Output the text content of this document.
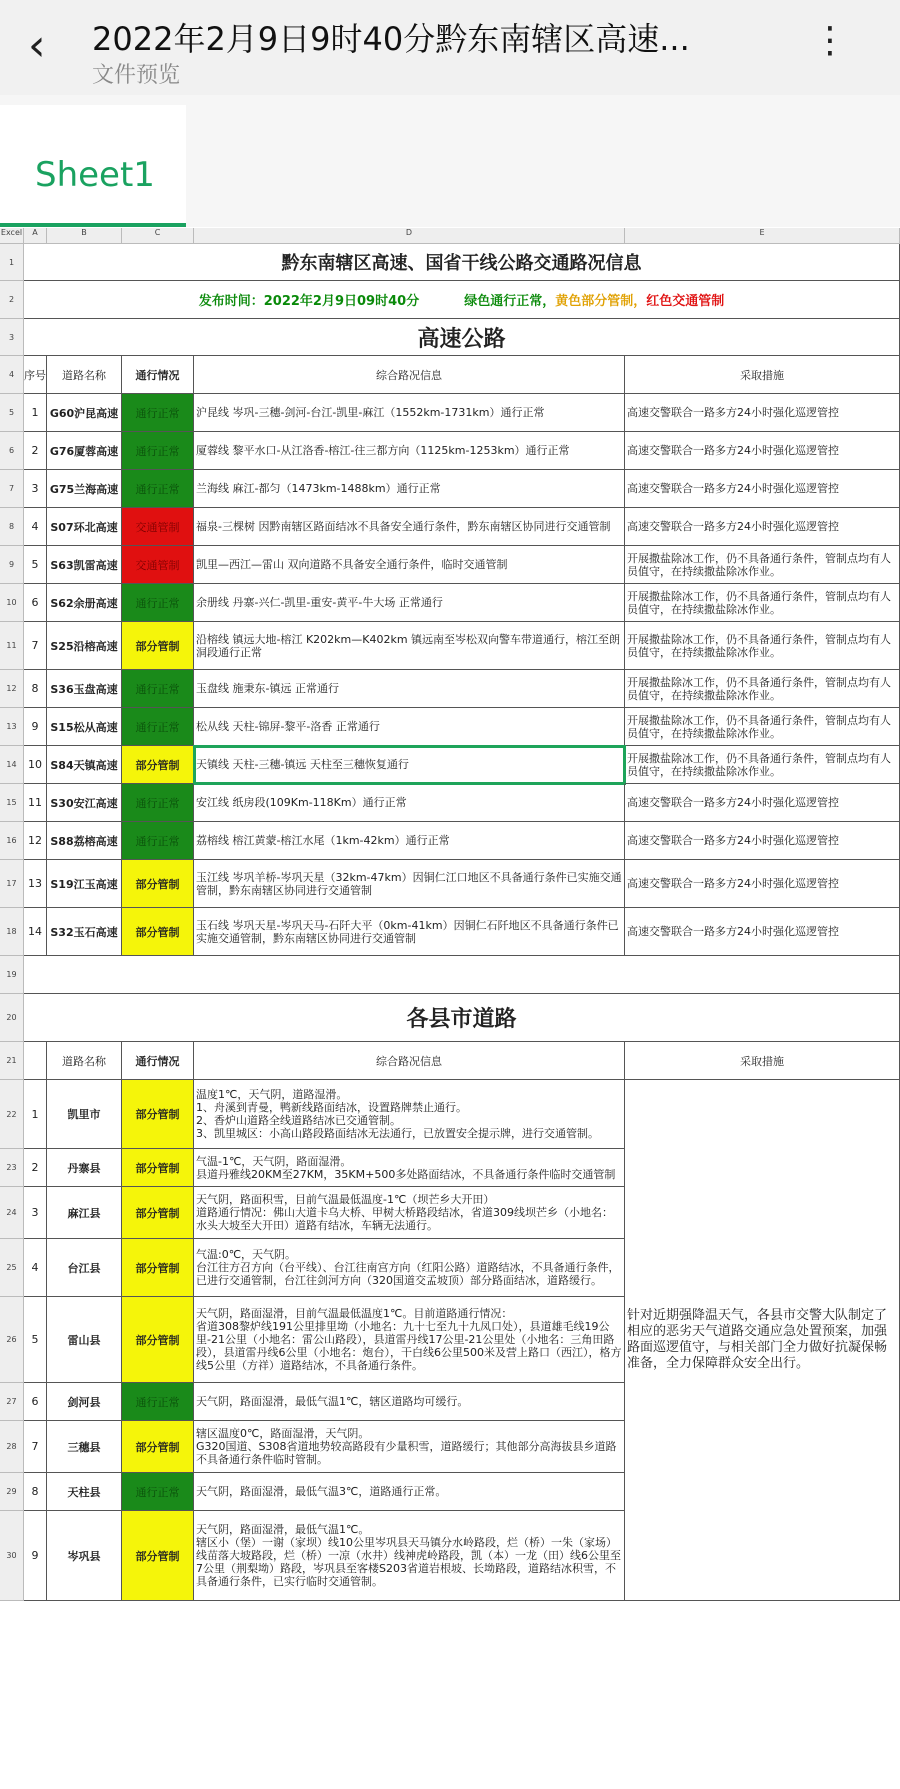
‹ 2022年2月9日9时40分黔东南辖区高速...
文件预览
⋮
Sheet1
Excel	A	B	C	D	E
1
2
3
4
5
6
7
8
9
10
11
12
13
14
15
16
17
18
19
20
21
22
23
24
25
26
27
28
29
30
黔东南辖区高速、国省干线公路交通路况信息
发布时间：2022年2月9日09时40分	绿色通行正常， 黄色部分管制， 红色交通管制
高速公路
序号	道路名称	通行情况	综合路况信息	采取措施
1	G60沪昆高速	通行正常	沪昆线 岑巩-三穗-剑河-台江-凯里-麻江（1552km-1731km）通行正常	高速交警联合一路多方24小时强化巡逻管控
2	G76厦蓉高速	通行正常	厦蓉线 黎平水口-从江洛香-榕江-往三都方向（1125km-1253km）通行正常	高速交警联合一路多方24小时强化巡逻管控
3	G75兰海高速	通行正常	兰海线 麻江-都匀（1473km-1488km）通行正常	高速交警联合一路多方24小时强化巡逻管控
4	S07环北高速	交通管制	福泉-三棵树 因黔南辖区路面结冰不具备安全通行条件，黔东南辖区协同进行交通管制	高速交警联合一路多方24小时强化巡逻管控
5	S63凯雷高速	交通管制	凯里—西江—雷山 双向道路不具备安全通行条件，临时交通管制	开展撒盐除冰工作，仍不具备通行条件，管制点均有人员值守，在持续撒盐除冰作业。
6	S62余册高速	通行正常	余册线 丹寨-兴仁-凯里-重安-黄平-牛大场 正常通行	开展撒盐除冰工作，仍不具备通行条件，管制点均有人员值守，在持续撒盐除冰作业。
7	S25沿榕高速	部分管制
沿榕线 镇远大地-榕江 K202km—K402km 镇远南至岑松双向警车带道通行，榕江至朗洞段通行正常
开展撒盐除冰工作，仍不具备通行条件，管制点均有人员值守，在持续撒盐除冰作业。
8	S36玉盘高速	通行正常	玉盘线 施秉东-镇远 正常通行	开展撒盐除冰工作，仍不具备通行条件，管制点均有人员值守，在持续撒盐除冰作业。
9	S15松从高速	通行正常	松从线 天柱-锦屏-黎平-洛香 正常通行	开展撒盐除冰工作，仍不具备通行条件，管制点均有人员值守，在持续撒盐除冰作业。
10 S84天镇高速	部分管制	天镇线 天柱-三穗-镇远 天柱至三穗恢复通行	开展撒盐除冰工作，仍不具备通行条件，管制点均有人员值守，在持续撒盐除冰作业。
11 S30安江高速	通行正常	安江线 纸房段(109Km-118Km）通行正常	高速交警联合一路多方24小时强化巡逻管控
12 S88荔榕高速	通行正常	荔榕线 榕江黄蒙-榕江水尾（1km-42km）通行正常	高速交警联合一路多方24小时强化巡逻管控
13 S19江玉高速	部分管制
玉江线 岑巩羊桥-岑巩天星（32km-47km）因铜仁江口地区不具备通行条件已实施交通管制，黔东南辖区协同进行交通管制	高速交警联合一路多方24小时强化巡逻管控
14 S32玉石高速	部分管制
玉石线 岑巩天星-岑巩天马-石阡大平（0km-41km）因铜仁石阡地区不具备通行条件已实施交通管制，黔东南辖区协同进行交通管制	高速交警联合一路多方24小时强化巡逻管控
各县市道路
道路名称	通行情况	综合路况信息	采取措施
1	凯里市	部分管制
温度1℃，天气阴，道路湿滑。
1、舟溪到青曼，鸭新线路面结冰，设置路牌禁止通行。
2、香炉山道路全线道路结冰已交通管制。
3、凯里城区：小高山路段路面结冰无法通行，已放置安全提示牌，进行交通管制。
2	丹寨县	部分管制
气温-1℃，天气阴，路面湿滑。
县道丹雅线20KM至27KM，35KM+500多处路面结冰，不具备通行条件临时交通管制
3	麻江县	部分管制
天气阴，路面积雪，目前气温最低温度-1℃（坝芒乡大开田）
道路通行情况：佛山大道卡乌大桥、甲树大桥路段结冰，省道309线坝芒乡（小地名：水头大坡至大开田）道路有结冰，车辆无法通行。
4	台江县	部分管制
气温:0℃，天气阴。
台江往方召方向（台平线）、台江往南宫方向（红阳公路）道路结冰，不具备通行条件，已进行交通管制，台江往剑河方向（320国道交孟坡顶）部分路面结冰，道路缓行。
5	雷山县	部分管制
天气阴，路面湿滑，目前气温最低温度1℃。目前道路通行情况：
省道308黎炉线191公里排里坳（小地名：九十七至九十九凤口处），县道雄毛线19公里-21公里（小地名：雷公山路段），县道雷丹线17公里-21公里处（小地名：三角田路段），县道雷丹线6公里（小地名：炮台），干白线6公里500米及营上路口（西江），格方线5公里（方祥）道路结冰，不具备通行条件。
6	剑河县	通行正常	天气阴，路面湿滑，最低气温1℃，辖区道路均可缓行。
7	三穗县	部分管制
辖区温度0℃，路面湿滑，天气阴。
G320国道、S308省道地势较高路段有少量积雪，道路缓行；其他部分高海拔县乡道路不具备通行条件临时管制。
8	天柱县	通行正常	天气阴，路面湿滑，最低气温3℃，道路通行正常。
9	岑巩县	部分管制
天气阴，路面湿滑，最低气温1℃。
辖区小（堡）一谢（家坝）线10公里岑巩县天马镇分水岭路段，烂（桥）一朱（家场）线苗落大坡路段，烂（桥）一凉（水井）线神虎岭路段，凯（本）一龙（田）线6公里至7公里（荆梨坳）路段，岑巩县至客楼S203省道岩根坡、长坳路段，道路结冰积雪，不具备通行条件，已实行临时交通管制。
针对近期强降温天气，各县市交警大队制定了相应的恶劣天气道路交通应急处置预案，加强路面巡逻值守，与相关部门全力做好抗凝保畅准备，全力保障群众安全出行。
